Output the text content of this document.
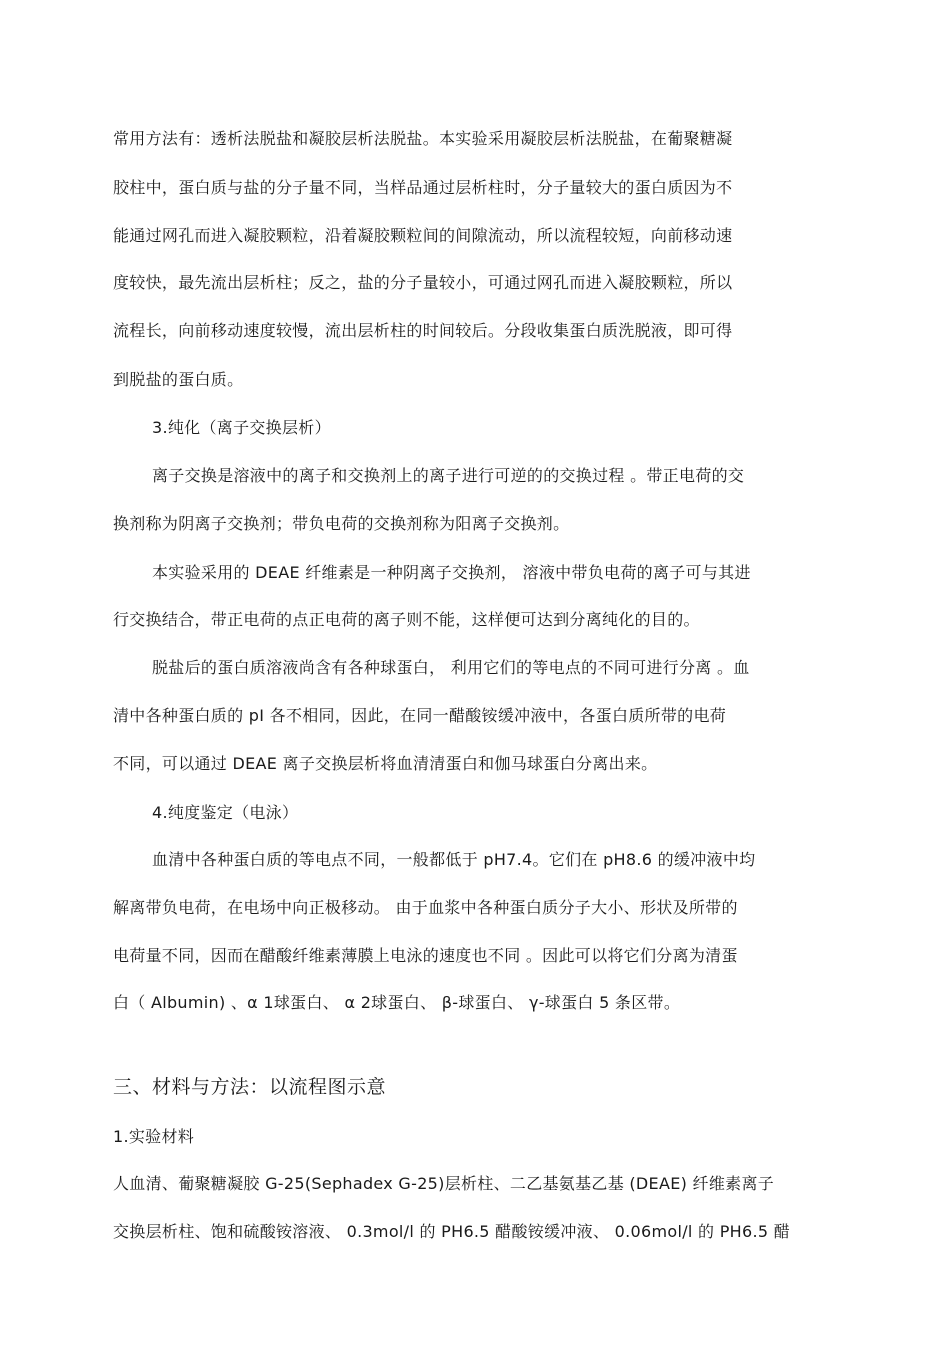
常用方法有：透析法脱盐和凝胶层析法脱盐。本实验采用凝胶层析法脱盐，在葡聚糖凝
胶柱中，蛋白质与盐的分子量不同，当样品通过层析柱时，分子量较大的蛋白质因为不
能通过网孔而进入凝胶颗粒，沿着凝胶颗粒间的间隙流动，所以流程较短，向前移动速
度较快，最先流出层析柱；反之，盐的分子量较小，可通过网孔而进入凝胶颗粒，所以
流程长，向前移动速度较慢，流出层析柱的时间较后。分段收集蛋白质洗脱液，即可得
到脱盐的蛋白质。
3.纯化（离子交换层析）
离子交换是溶液中的离子和交换剂上的离子进行可逆的的交换过程 。带正电荷的交
换剂称为阴离子交换剂；带负电荷的交换剂称为阳离子交换剂。
本实验采用的 DEAE 纤维素是一种阴离子交换剂， 溶液中带负电荷的离子可与其进
行交换结合，带正电荷的点正电荷的离子则不能，这样便可达到分离纯化的目的。
脱盐后的蛋白质溶液尚含有各种球蛋白， 利用它们的等电点的不同可进行分离 。血
清中各种蛋白质的 pI 各不相同，因此，在同一醋酸铵缓冲液中，各蛋白质所带的电荷
不同，可以通过 DEAE 离子交换层析将血清清蛋白和伽马球蛋白分离出来。
4.纯度鉴定（电泳）
血清中各种蛋白质的等电点不同，一般都低于 pH7.4。它们在 pH8.6 的缓冲液中均
解离带负电荷，在电场中向正极移动。 由于血浆中各种蛋白质分子大小、形状及所带的
电荷量不同，因而在醋酸纤维素薄膜上电泳的速度也不同 。因此可以将它们分离为清蛋
白（ Albumin) 、α 1球蛋白、 α 2球蛋白、 β-球蛋白、 γ-球蛋白 5 条区带。
三、材料与方法：以流程图示意
1.实验材料
人血清、葡聚糖凝胶 G-25(Sephadex G-25)层析柱、二乙基氨基乙基 (DEAE) 纤维素离子
交换层析柱、饱和硫酸铵溶液、 0.3mol/l 的 PH6.5 醋酸铵缓冲液、 0.06mol/l 的 PH6.5 醋
